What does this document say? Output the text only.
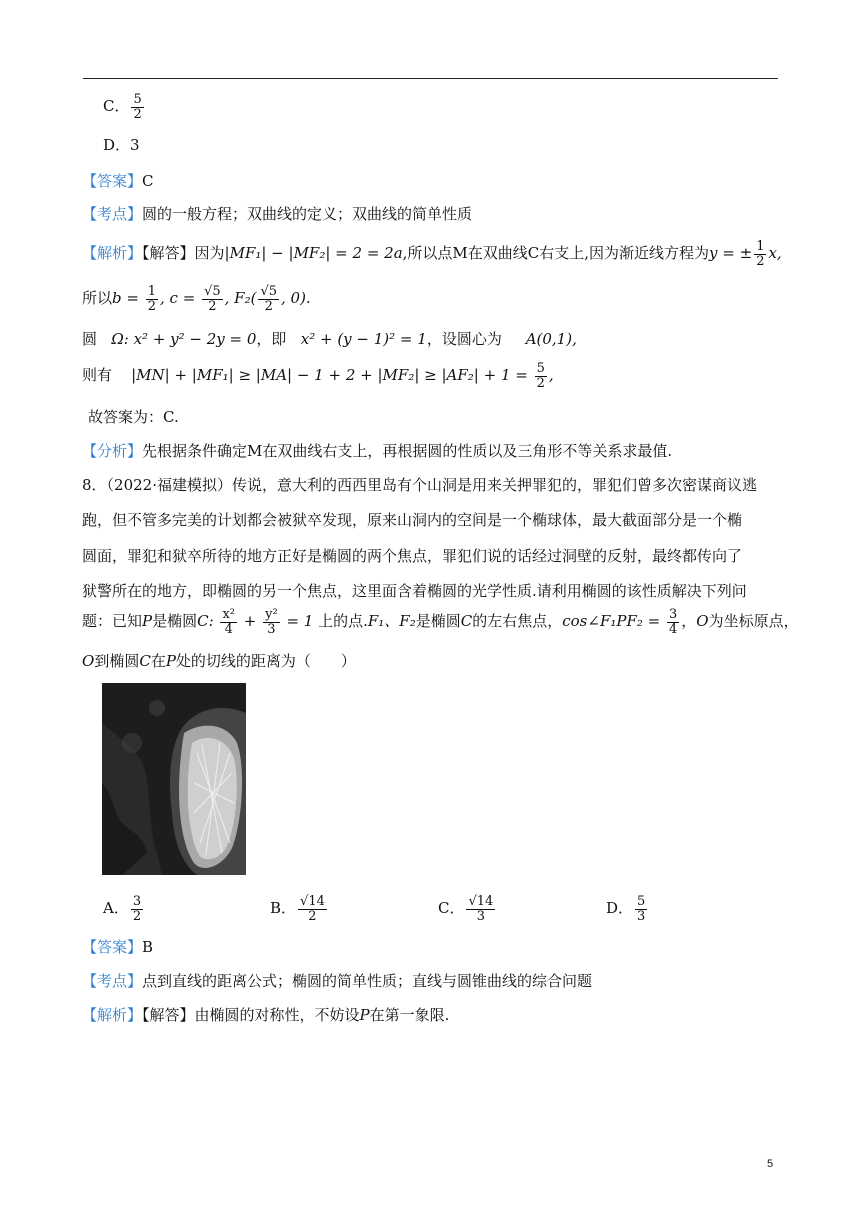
C． $\frac{5}{2}$
D．3
【答案】C
【考点】圆的一般方程；双曲线的定义；双曲线的简单性质
【解析】【解答】因为|MF₁| − |MF₂| = 2 = 2a,所以点M在双曲线C右支上,因为渐近线方程为y = ± $\frac{1}{2} x$,
所以$b = \frac{1}{2}$ , $c = \frac{√5}{2}$ , $F_2( \frac{√5}{2}$ , 0).
圆 Ω: x² + y² − 2y = 0，即 x² + (y − 1)² = 1，设圆心为 A(0,1),
则有 $|MN| + |MF_1| \ge |MA| - 1 + 2 + |MF_2| \ge |AF_2| + 1 = \frac{5}{2}$ ,
故答案为：C.
【分析】先根据条件确定M在双曲线右支上，再根据圆的性质以及三角形不等关系求最值.
8．（2022·福建模拟）传说，意大利的西西里岛有个山洞是用来关押罪犯的，罪犯们曾多次密谋商议逃
跑，但不管多完美的计划都会被狱卒发现，原来山洞内的空间是一个椭球体，最大截面部分是一个椭
圆面，罪犯和狱卒所待的地方正好是椭圆的两个焦点，罪犯们说的话经过洞壁的反射，最终都传向了
狱警所在的地方，即椭圆的另一个焦点，这里面含着椭圆的光学性质.请利用椭圆的该性质解决下列问
题：已知P是椭圆C: $\frac{\text{x²}}{4} + \frac{\text{y²}}{3} = 1$ 上的点.F₁、F₂是椭圆C的左右焦点，cos∠F₁PF₂ = $\frac{3}{4}$ ，O为坐标原点，
O到椭圆C在P处的切线的距离为（　　）
A． $\frac{3}{2}$	B． $\frac{√14}{2}$	C． $\frac{√14}{3}$	D． $\frac{5}{3}$
【答案】B
【考点】点到直线的距离公式；椭圆的简单性质；直线与圆锥曲线的综合问题
【解析】【解答】由椭圆的对称性，不妨设P在第一象限.
5
